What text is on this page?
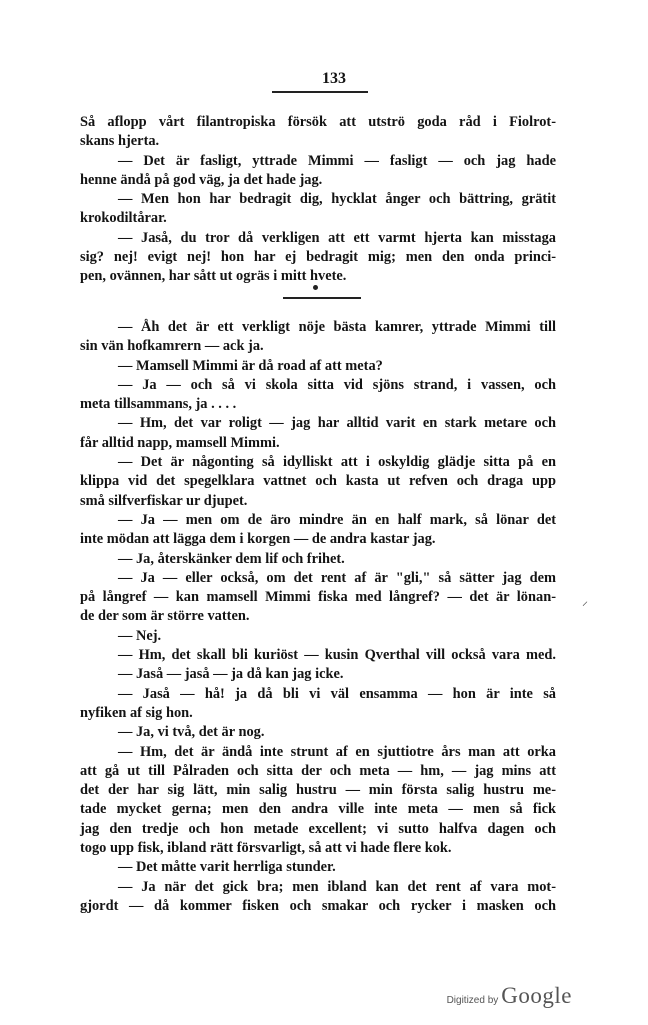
133
Så aflopp vårt filantropiska försök att utströ goda råd i Fiolrot-
skans hjerta.
— Det är fasligt, yttrade Mimmi — fasligt — och jag hade
henne ändå på god väg, ja det hade jag.
— Men hon har bedragit dig, hycklat ånger och bättring, grätit
krokodiltårar.
— Jaså, du tror då verkligen att ett varmt hjerta kan misstaga
sig? nej! evigt nej! hon har ej bedragit mig; men den onda princi-
pen, ovännen, har sått ut ogräs i mitt hvete.
— Åh det är ett verkligt nöje bästa kamrer, yttrade Mimmi till
sin vän hofkamrern — ack ja.
— Mamsell Mimmi är då road af att meta?
— Ja — och så vi skola sitta vid sjöns strand, i vassen, och
meta tillsammans, ja . . . .
— Hm, det var roligt — jag har alltid varit en stark metare och
får alltid napp, mamsell Mimmi.
— Det är någonting så idylliskt att i oskyldig glädje sitta på en
klippa vid det spegelklara vattnet och kasta ut refven och draga upp
små silfverfiskar ur djupet.
— Ja — men om de äro mindre än en half mark, så lönar det
inte mödan att lägga dem i korgen — de andra kastar jag.
— Ja, återskänker dem lif och frihet.
— Ja — eller också, om det rent af är "gli," så sätter jag dem
på långref — kan mamsell Mimmi fiska med långref? — det är lönan-
de der som är större vatten.
— Nej.
— Hm, det skall bli kuriöst — kusin Qverthal vill också vara med.
— Jaså — jaså — ja då kan jag icke.
— Jaså — hå! ja då bli vi väl ensamma — hon är inte så
nyfiken af sig hon.
— Ja, vi två, det är nog.
— Hm, det är ändå inte strunt af en sjuttiotre års man att orka
att gå ut till Pålraden och sitta der och meta — hm, — jag mins att
det der har sig lätt, min salig hustru — min första salig hustru me-
tade mycket gerna; men den andra ville inte meta — men så fick
jag den tredje och hon metade excellent; vi sutto halfva dagen och
togo upp fisk, ibland rätt försvarligt, så att vi hade flere kok.
— Det måtte varit herrliga stunder.
— Ja när det gick bra; men ibland kan det rent af vara mot-
gjordt — då kommer fisken och smakar och rycker i masken och
⸝
Digitized by Google
